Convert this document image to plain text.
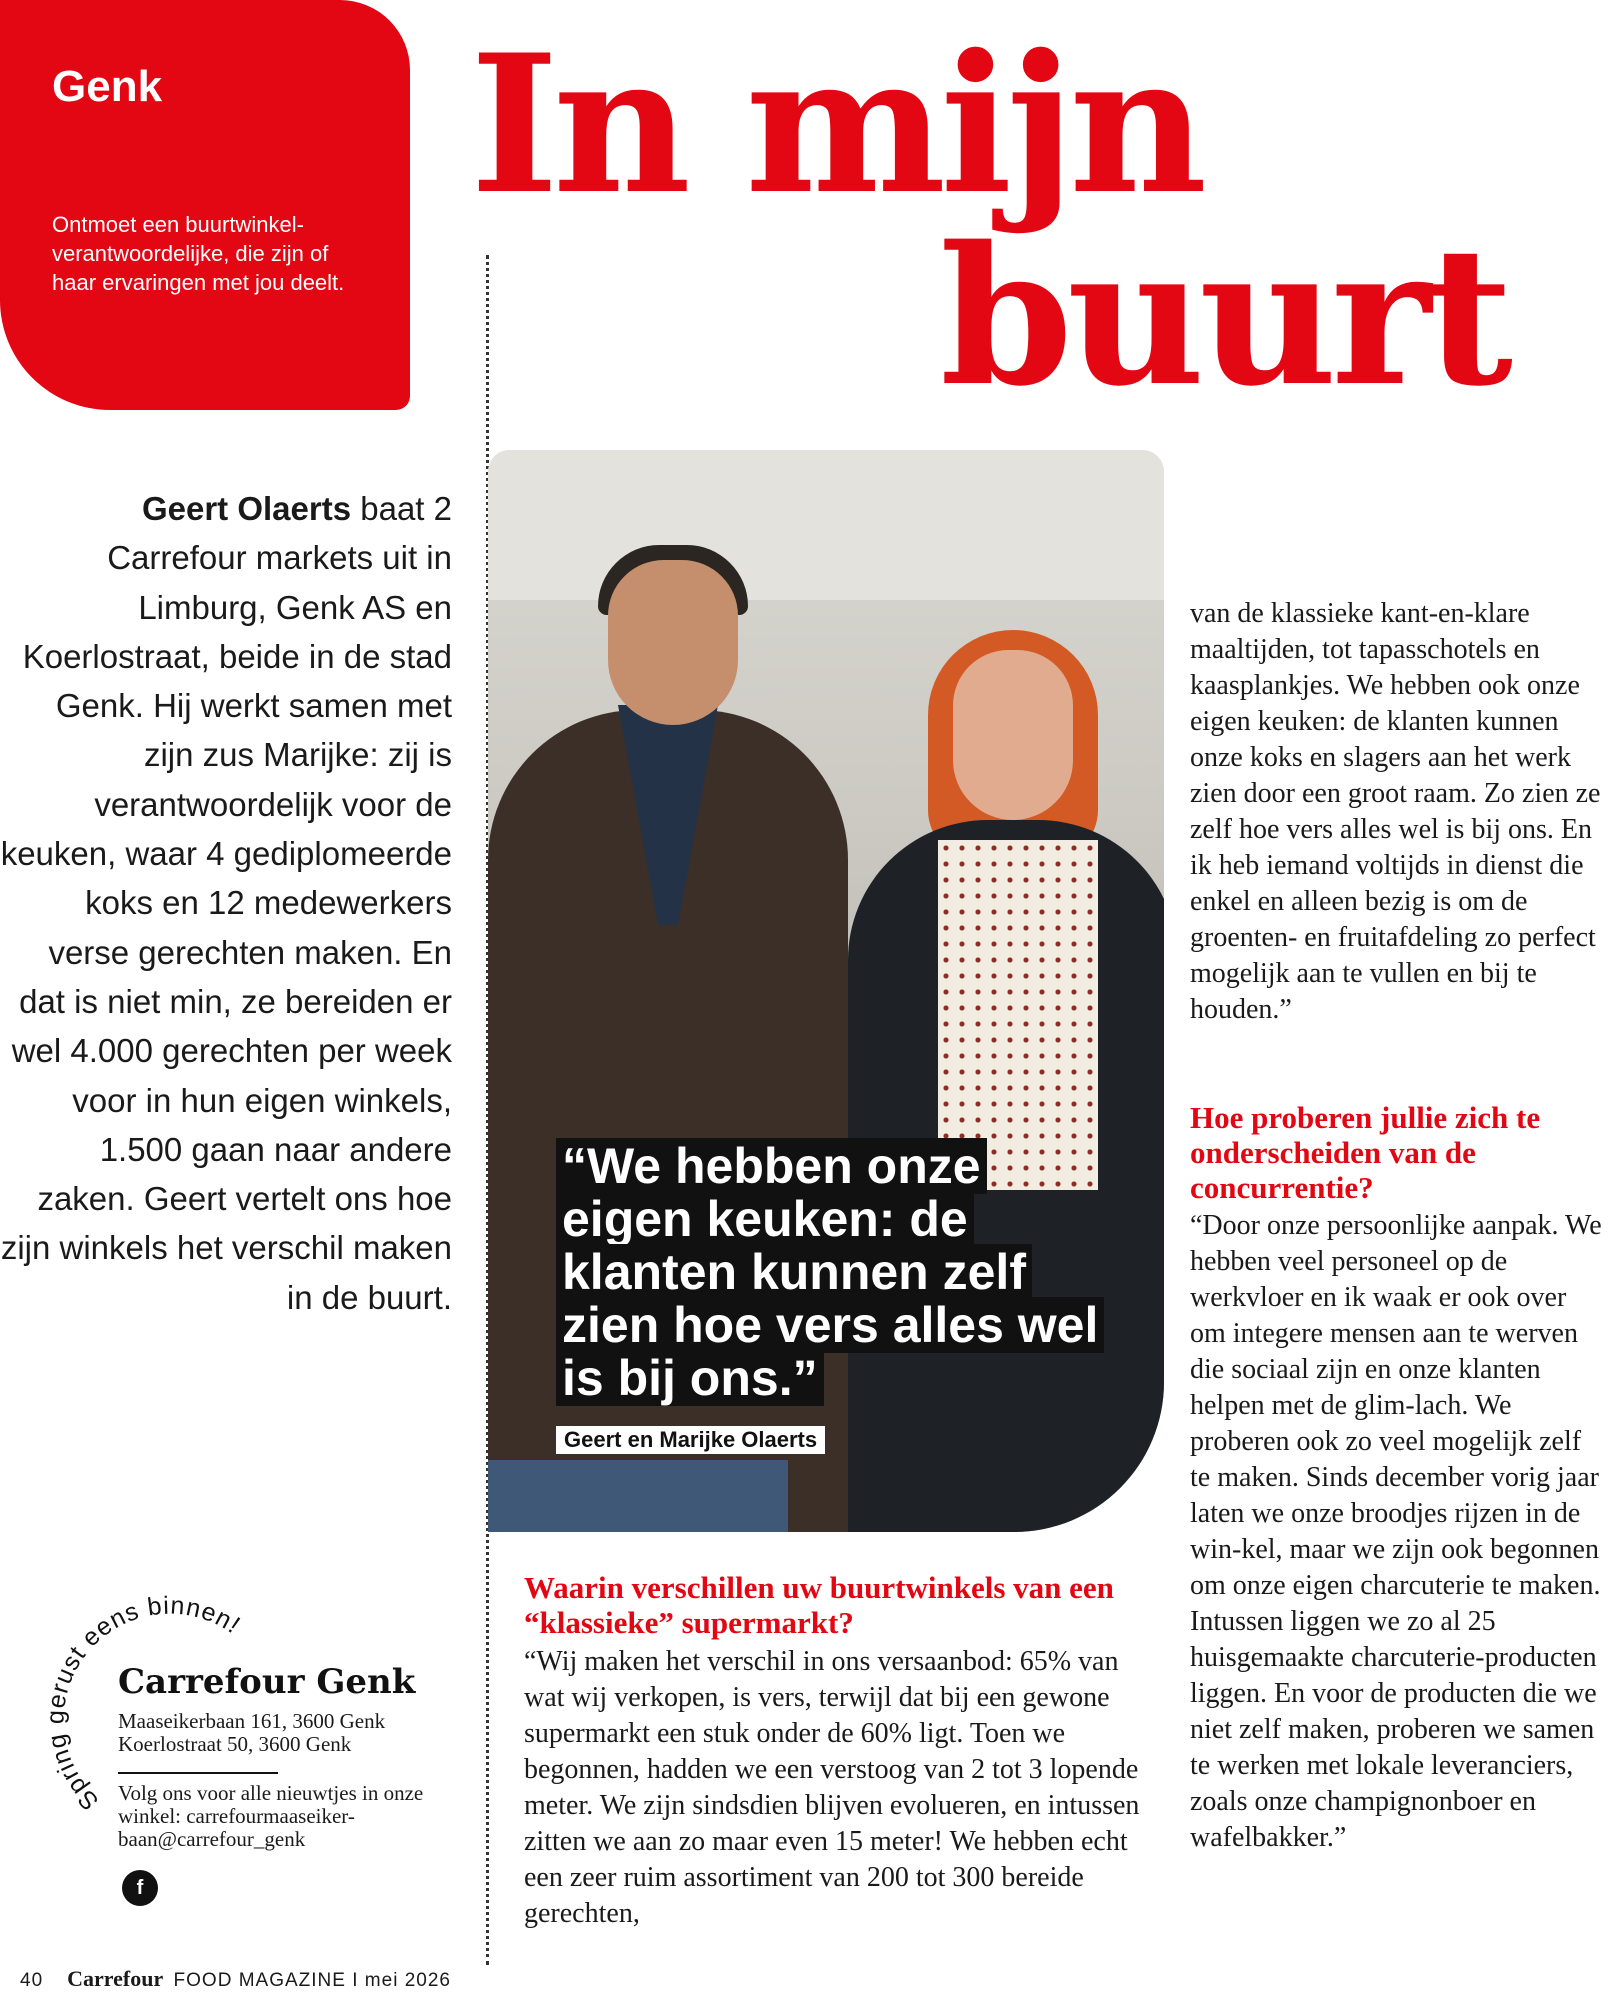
Genk
Ontmoet een buurtwinkel-verantwoordelijke, die zijn of haar ervaringen met jou deelt.
In mijn
buurt
Geert Olaerts baat 2 Carrefour markets uit in Limburg, Genk AS en Koerlostraat, beide in de stad Genk. Hij werkt samen met zijn zus Marijke: zij is verantwoordelijk voor de keuken, waar 4 gediplomeerde koks en 12 medewerkers verse gerechten maken. En dat is niet min, ze bereiden er wel 4.000 gerechten per week voor in hun eigen winkels, 1.500 gaan naar andere zaken. Geert vertelt ons hoe zijn winkels het verschil maken in de buurt.
“We hebben onze eigen keuken: de klanten kunnen zelf zien hoe vers alles wel is bij ons.”
Geert en Marijke Olaerts
Waarin verschillen uw buurtwinkels van een “klassieke” supermarkt?
“Wij maken het verschil in ons versaanbod: 65% van wat wij verkopen, is vers, terwijl dat bij een gewone supermarkt een stuk onder de 60% ligt. Toen we begonnen, hadden we een verstoog van 2 tot 3 lopende meter. We zijn sindsdien blijven evolueren, en intussen zitten we aan zo maar even 15 meter! We hebben echt een zeer ruim assortiment van 200 tot 300 bereide gerechten,
van de klassieke kant-en-klare maaltijden, tot tapasschotels en kaasplankjes. We hebben ook onze eigen keuken: de klanten kunnen onze koks en slagers aan het werk zien door een groot raam. Zo zien ze zelf hoe vers alles wel is bij ons. En ik heb iemand voltijds in dienst die enkel en alleen bezig is om de groenten- en fruitafdeling zo perfect mogelijk aan te vullen en bij te houden.”
Hoe proberen jullie zich te onderscheiden van de concurrentie?
“Door onze persoonlijke aanpak. We hebben veel personeel op de werkvloer en ik waak er ook over om integere mensen aan te werven die sociaal zijn en onze klanten helpen met de glim-lach. We proberen ook zo veel mogelijk zelf te maken. Sinds december vorig jaar laten we onze broodjes rijzen in de win-kel, maar we zijn ook begonnen om onze eigen charcuterie te maken. Intussen liggen we zo al 25 huisgemaakte charcuterie-producten liggen. En voor de producten die we niet zelf maken, proberen we samen te werken met lokale leveranciers, zoals onze champignonboer en wafelbakker.”
Spring gerust eens binnen!
Carrefour Genk
Maaseikerbaan 161, 3600 Genk
Koerlostraat 50, 3600 Genk
Volg ons voor alle nieuwtjes in onze winkel: carrefourmaaseiker-baan@carrefour_genk
f
40 Carrefour FOOD MAGAZINE I mei 2026
